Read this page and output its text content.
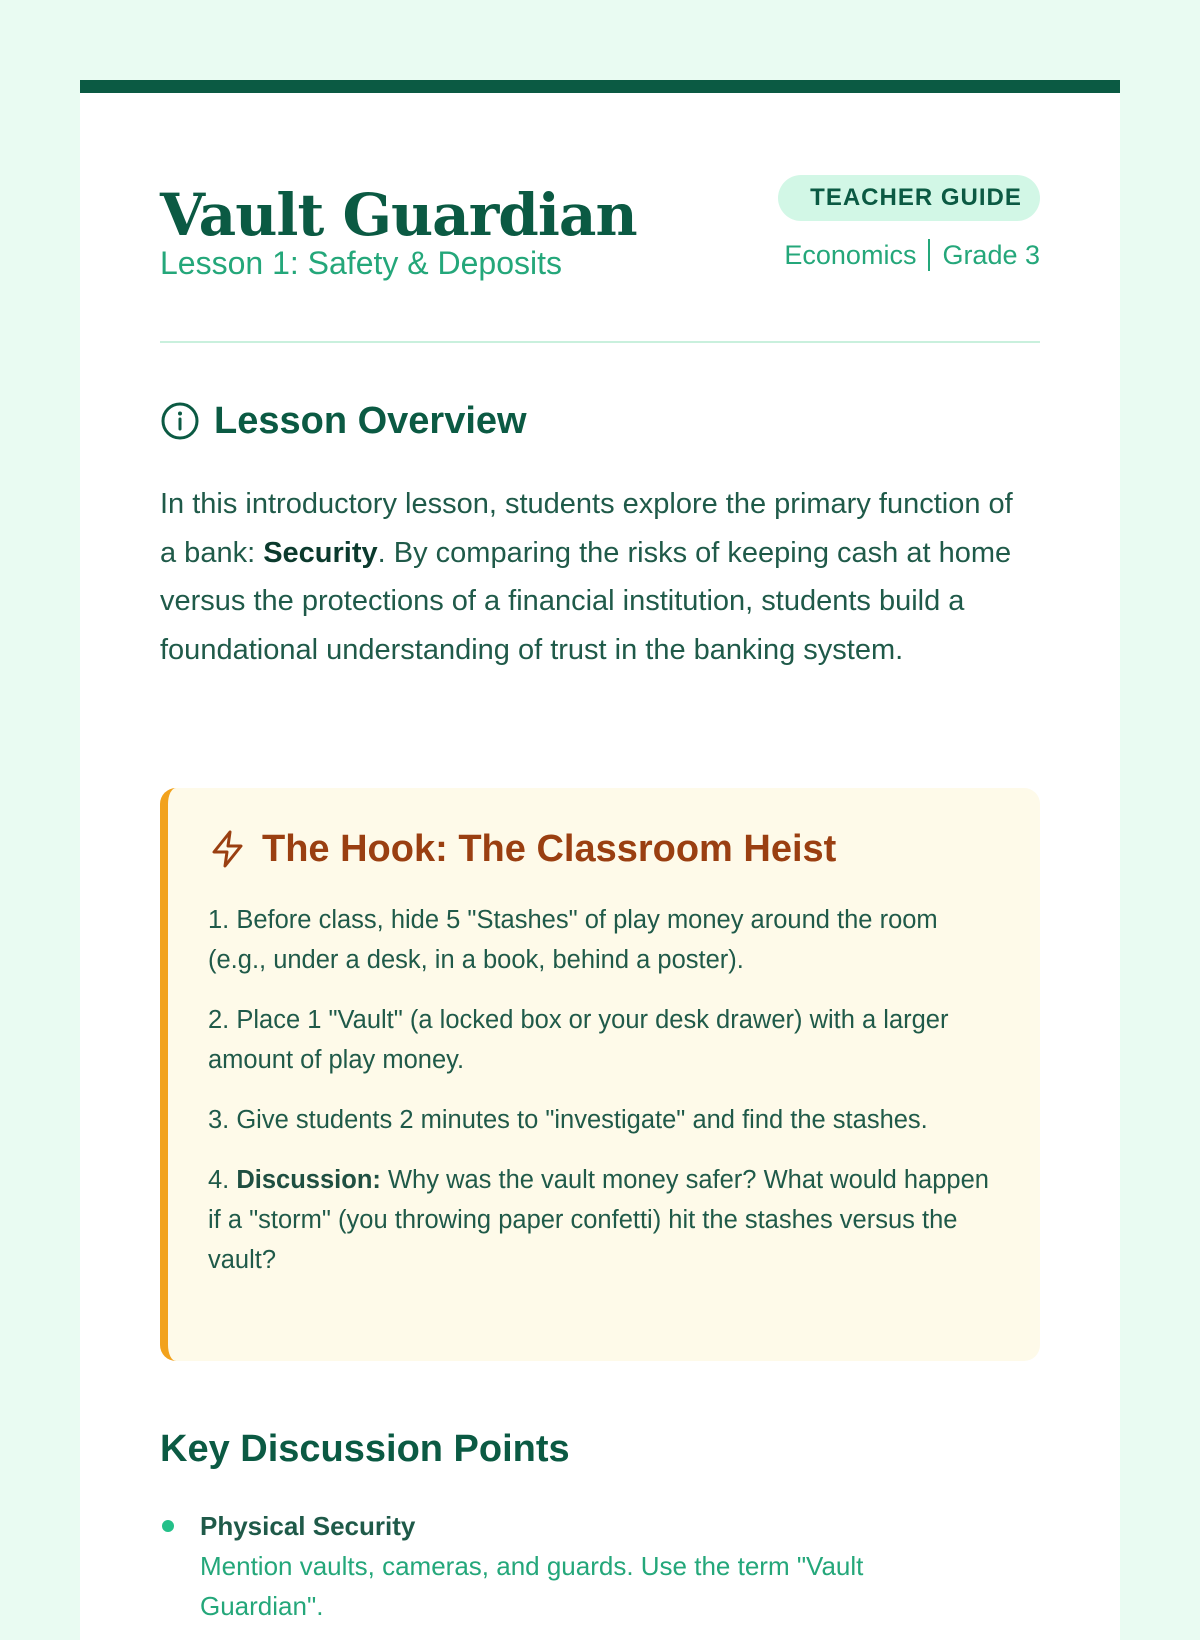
Vault Guardian
Lesson 1: Safety & Deposits
TEACHER GUIDE
Economics Grade 3
Lesson Overview

In this introductory lesson, students explore the primary function of a bank: Security. By comparing the risks of keeping cash at home versus the protections of a financial institution, students build a foundational understanding of trust in the banking system.

The Hook: The Classroom Heist

1. Before class, hide 5 "Stashes" of play money around the room (e.g., under a desk, in a book, behind a poster).

2. Place 1 "Vault" (a locked box or your desk drawer) with a larger amount of play money.

3. Give students 2 minutes to "investigate" and find the stashes.

4. Discussion: Why was the vault money safer? What would happen if a "storm" (you throwing paper confetti) hit the stashes versus the vault?

Key Discussion Points
Physical Security
Mention vaults, cameras, and guards. Use the term "Vault Guardian".
